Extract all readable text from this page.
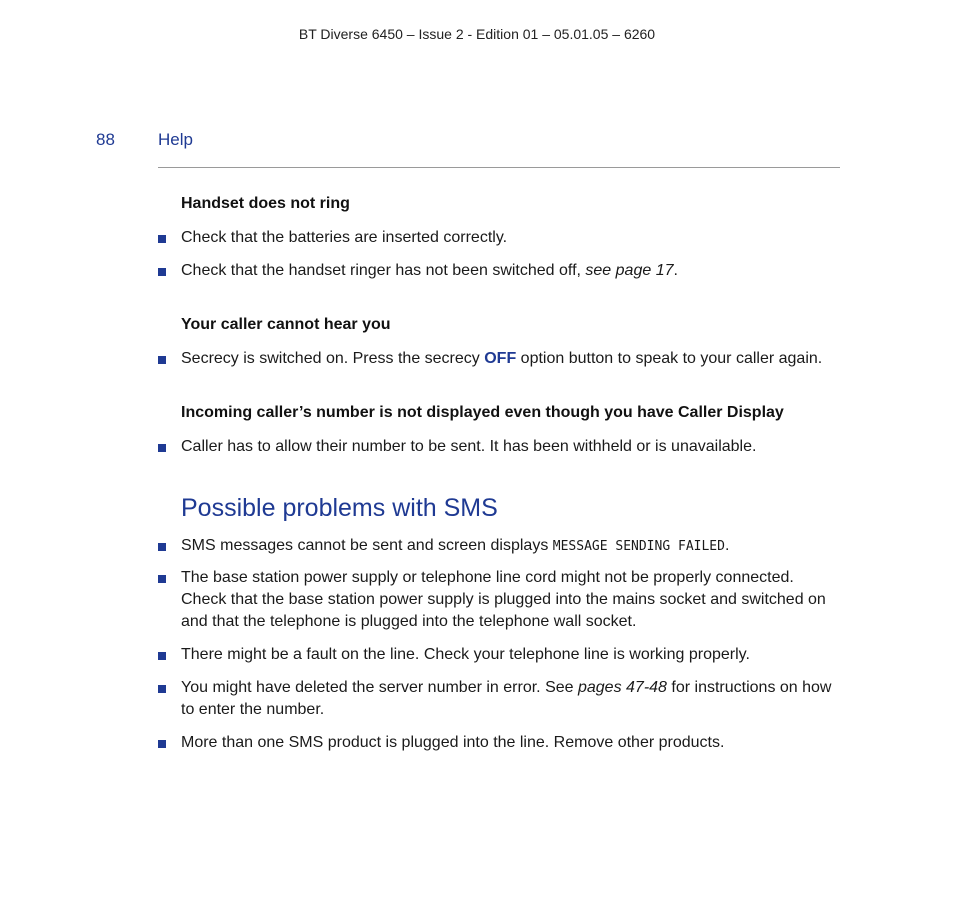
BT Diverse 6450 – Issue 2 - Edition 01 – 05.01.05 – 6260
88	Help
Handset does not ring
Check that the batteries are inserted correctly.
Check that the handset ringer has not been switched off, see page 17.
Your caller cannot hear you
Secrecy is switched on. Press the secrecy OFF option button to speak to your caller again.
Incoming caller’s number is not displayed even though you have Caller Display
Caller has to allow their number to be sent. It has been withheld or is unavailable.
Possible problems with SMS
SMS messages cannot be sent and screen displays MESSAGE SENDING FAILED.
The base station power supply or telephone line cord might not be properly connected. Check that the base station power supply is plugged into the mains socket and switched on and that the telephone is plugged into the telephone wall socket.
There might be a fault on the line. Check your telephone line is working properly.
You might have deleted the server number in error. See pages 47-48 for instructions on how to enter the number.
More than one SMS product is plugged into the line. Remove other products.
